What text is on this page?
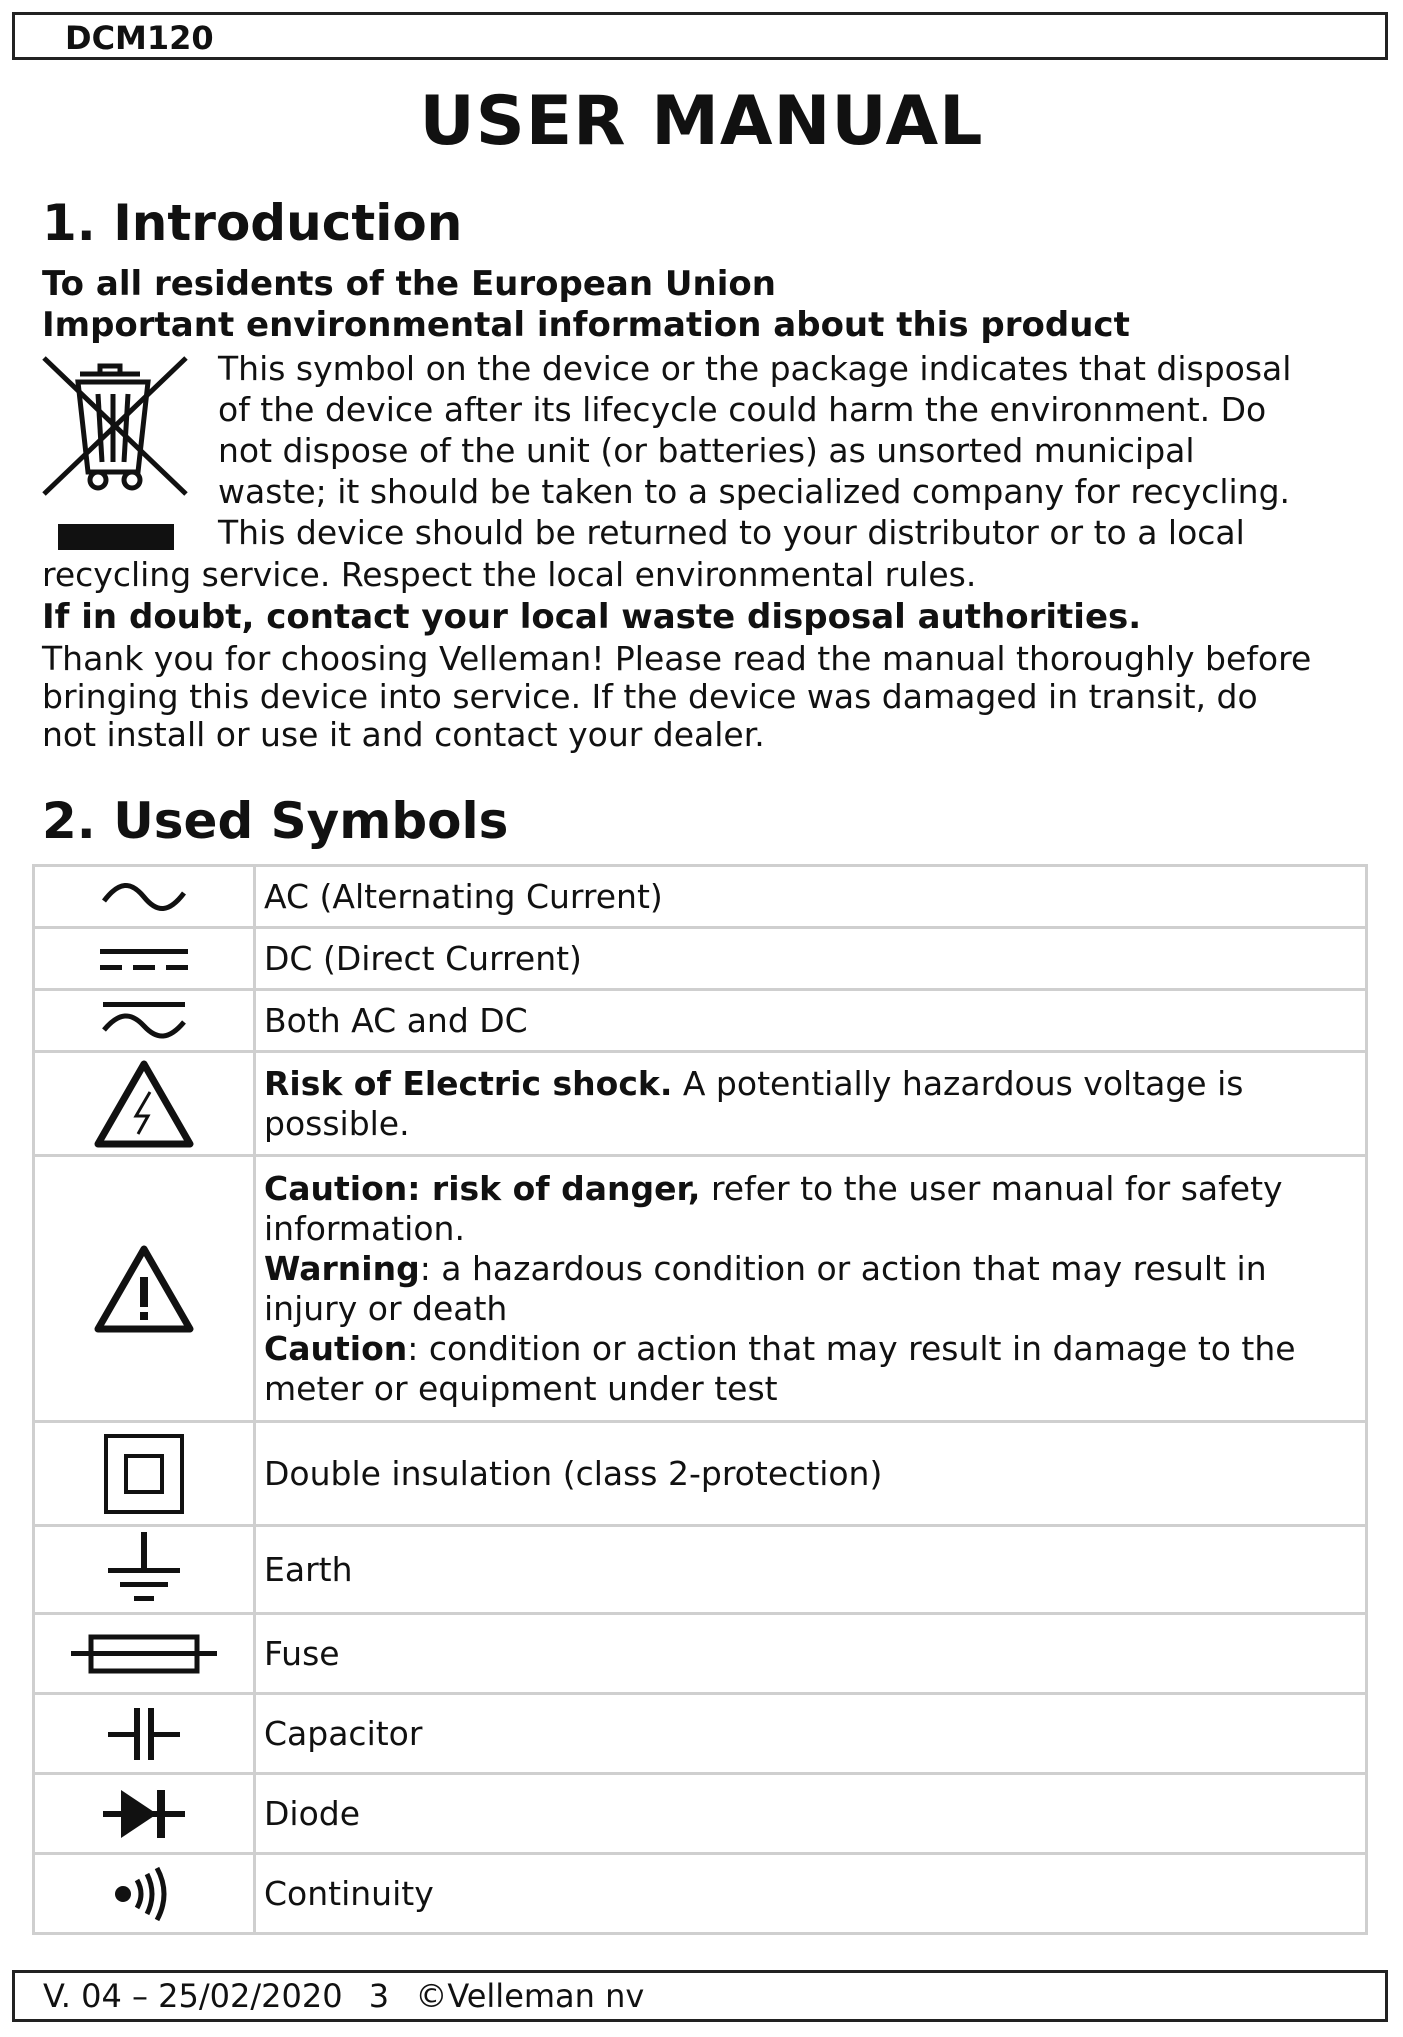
DCM120
USER MANUAL
1. Introduction
To all residents of the European Union
Important environmental information about this product
This symbol on the device or the package indicates that disposal
of the device after its lifecycle could harm the environment. Do
not dispose of the unit (or batteries) as unsorted municipal
waste; it should be taken to a specialized company for recycling.
This device should be returned to your distributor or to a local
recycling service. Respect the local environmental rules.
If in doubt, contact your local waste disposal authorities.
Thank you for choosing Velleman! Please read the manual thoroughly before
bringing this device into service. If the device was damaged in transit, do
not install or use it and contact your dealer.
2. Used Symbols
	AC (Alternating Current)

	DC (Direct Current)

	Both AC and DC

	Risk of Electric shock. A potentially hazardous voltage is possible.

Caution: risk of danger, refer to the user manual for safety information.
Warning: a hazardous condition or action that may result in injury or death
Caution: condition or action that may result in damage to the meter or equipment under test

	Double insulation (class 2-protection)

	Earth

	Fuse

	Capacitor

	Diode

	Continuity
V. 04 – 25/02/2020 3 ©Velleman nv
